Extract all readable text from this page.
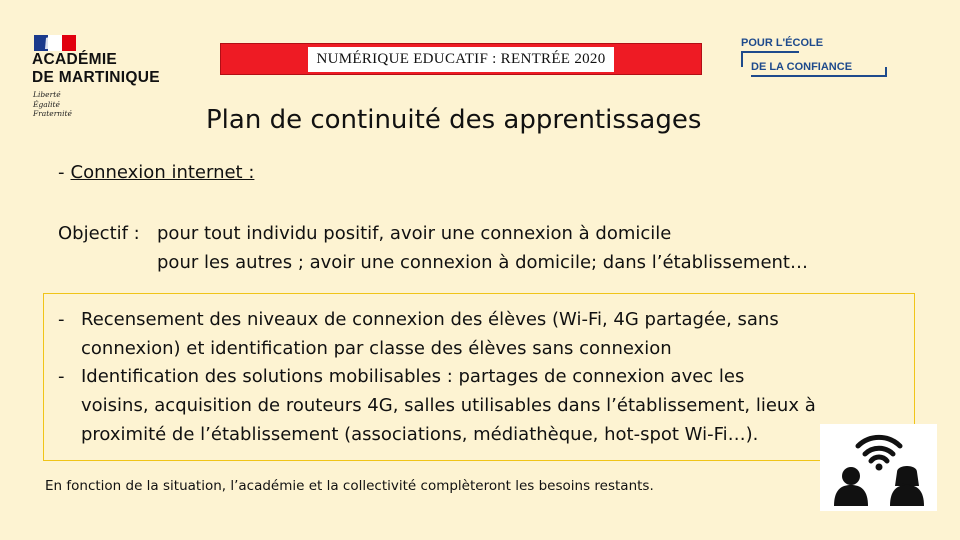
ACADÉMIE
DE MARTINIQUE
Liberté
Égalité
Fraternité
NUMÉRIQUE EDUCATIF : RENTRÉE 2020
POUR L'ÉCOLE
DE LA CONFIANCE
Plan de continuité des apprentissages
- Connexion internet :
Objectif : pour tout individu positif, avoir une connexion à domicile
pour les autres ; avoir une connexion à domicile; dans l’établissement…
- Recensement des niveaux de connexion des élèves (Wi-Fi, 4G partagée, sans
connexion) et identification par classe des élèves sans connexion
- Identification des solutions mobilisables : partages de connexion avec les
voisins, acquisition de routeurs 4G, salles utilisables dans l’établissement, lieux à
proximité de l’établissement (associations, médiathèque, hot-spot Wi-Fi…).
En fonction de la situation, l’académie et la collectivité complèteront les besoins restants.
